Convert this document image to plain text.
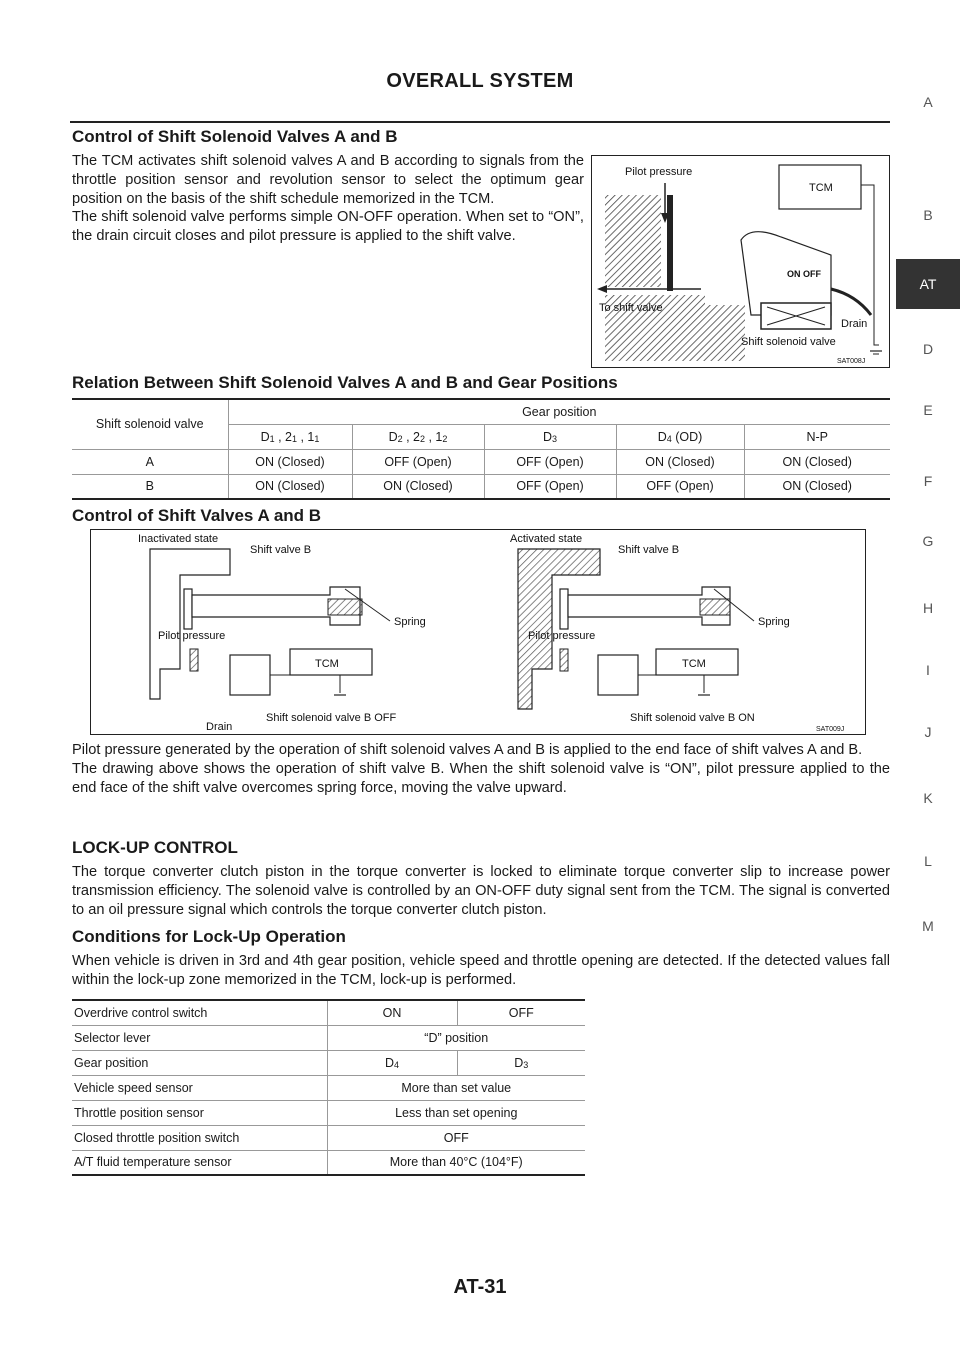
OVERALL SYSTEM
A
B
AT
D
E
F
G
H
I
J
K
L
M
Control of Shift Solenoid Valves A and B

The TCM activates shift solenoid valves A and B according to signals from the throttle position sensor and revolution sensor to select the optimum gear position on the basis of the shift schedule memorized in the TCM.

The shift solenoid valve performs simple ON-OFF operation. When set to “ON”, the drain circuit closes and pilot pressure is applied to the shift valve.

TCM
Pilot pressure
To shift valve
ON OFF
Drain
Shift solenoid valve
SAT008J
Relation Between Shift Solenoid Valves A and B and Gear Positions
Shift solenoid valve	Gear position				
	$D_1$ , $2_1$ , $1_1$	$D_2$ , $2_2$ , $1_2$	$D_3$	$D_4$ (OD)	N-P
A	ON (Closed)	OFF (Open)	OFF (Open)	ON (Closed)	ON (Closed)
B	ON (Closed)	ON (Closed)	OFF (Open)	OFF (Open)	ON (Closed)
Control of Shift Valves A and B
Inactivated state
Shift valve B
Spring
Pilot pressure
TCM
Drain
Shift solenoid valve B OFF
Activated state
Shift valve B
Spring
Pilot pressure
TCM
Shift solenoid valve B ON
SAT009J

Pilot pressure generated by the operation of shift solenoid valves A and B is applied to the end face of shift valves A and B.

The drawing above shows the operation of shift valve B. When the shift solenoid valve is “ON”, pilot pressure applied to the end face of the shift valve overcomes spring force, moving the valve upward.

LOCK-UP CONTROL

The torque converter clutch piston in the torque converter is locked to eliminate torque converter slip to increase power transmission efficiency. The solenoid valve is controlled by an ON-OFF duty signal sent from the TCM. The signal is converted to an oil pressure signal which controls the torque converter clutch piston.

Conditions for Lock-Up Operation

When vehicle is driven in 3rd and 4th gear position, vehicle speed and throttle opening are detected. If the detected values fall within the lock-up zone memorized in the TCM, lock-up is performed.

Overdrive control switch	ON	OFF
Selector lever	“D” position	
Gear position	$D_4$	$D_3$
Vehicle speed sensor	More than set value	
Throttle position sensor	Less than set opening	
Closed throttle position switch	OFF	
A/T fluid temperature sensor	More than 40°C (104°F)	
AT-31
